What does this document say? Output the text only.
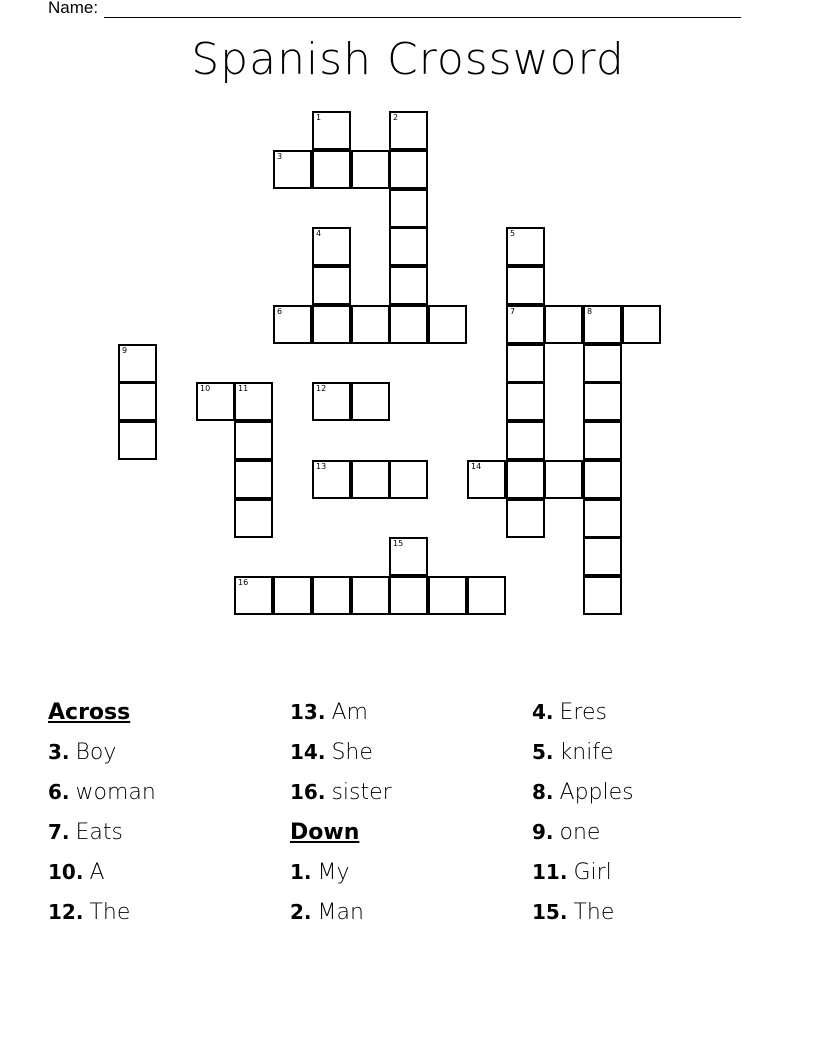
Name:
Spanish Crossword
1	2
3
4	5
6	7	8
9
10	11	12
13	14
15
16
Across
3. Boy
6. woman
7. Eats
10. A
12. The
13. Am
14. She
16. sister
Down
1. My
2. Man
4. Eres
5. knife
8. Apples
9. one
11. Girl
15. The
